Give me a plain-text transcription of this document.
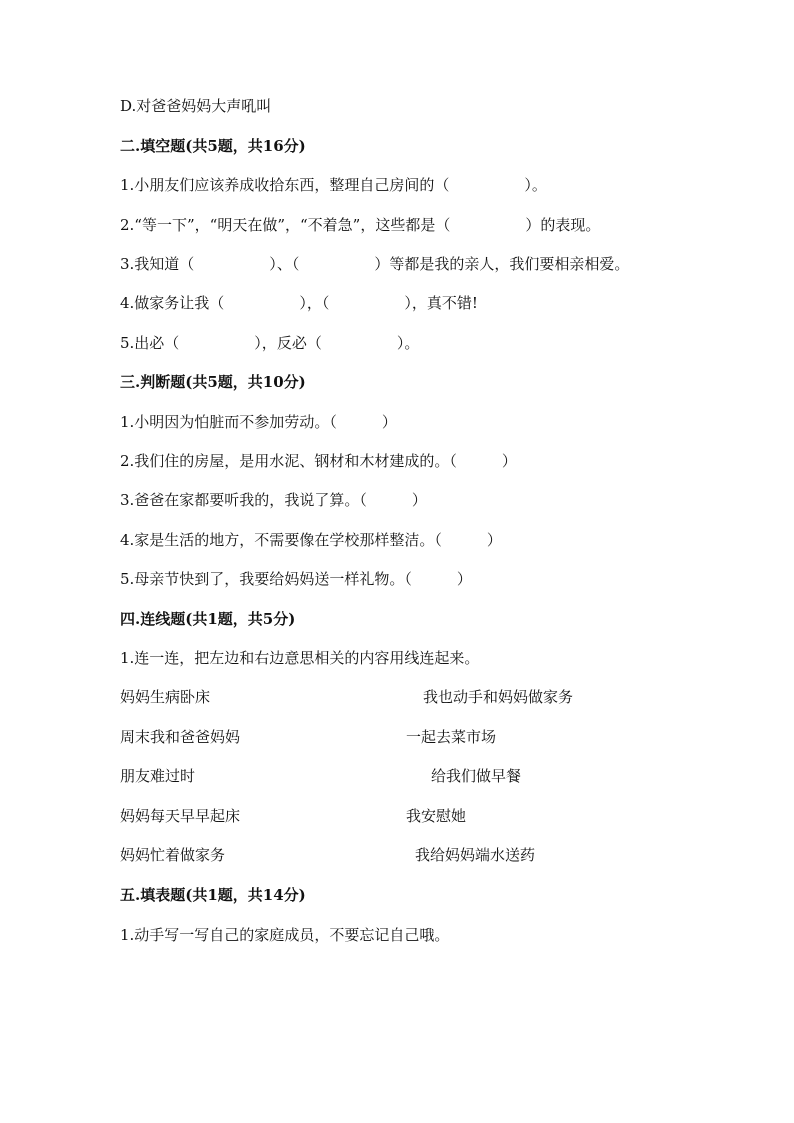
D.对爸爸妈妈大声吼叫
二.填空题(共5题，共16分)
1.小朋友们应该养成收拾东西，整理自己房间的（　　　　　）。
2.“等一下”，“明天在做”，“不着急”，这些都是（　　　　　）的表现。
3.我知道（　　　　　）、（　　　　　）等都是我的亲人，我们要相亲相爱。
4.做家务让我（　　　　　），（　　　　　），真不错!
5.出必（　　　　　），反必（　　　　　）。
三.判断题(共5题，共10分)
1.小明因为怕脏而不参加劳动。（　　　）
2.我们住的房屋，是用水泥、钢材和木材建成的。（　　　）
3.爸爸在家都要听我的，我说了算。（　　　）
4.家是生活的地方，不需要像在学校那样整洁。（　　　）
5.母亲节快到了，我要给妈妈送一样礼物。（　　　）
四.连线题(共1题，共5分)
1.连一连，把左边和右边意思相关的内容用线连起来。
妈妈生病卧床	我也动手和妈妈做家务
周末我和爸爸妈妈	一起去菜市场
朋友难过时	给我们做早餐
妈妈每天早早起床	我安慰她
妈妈忙着做家务	我给妈妈端水送药
五.填表题(共1题，共14分)
1.动手写一写自己的家庭成员，不要忘记自己哦。
